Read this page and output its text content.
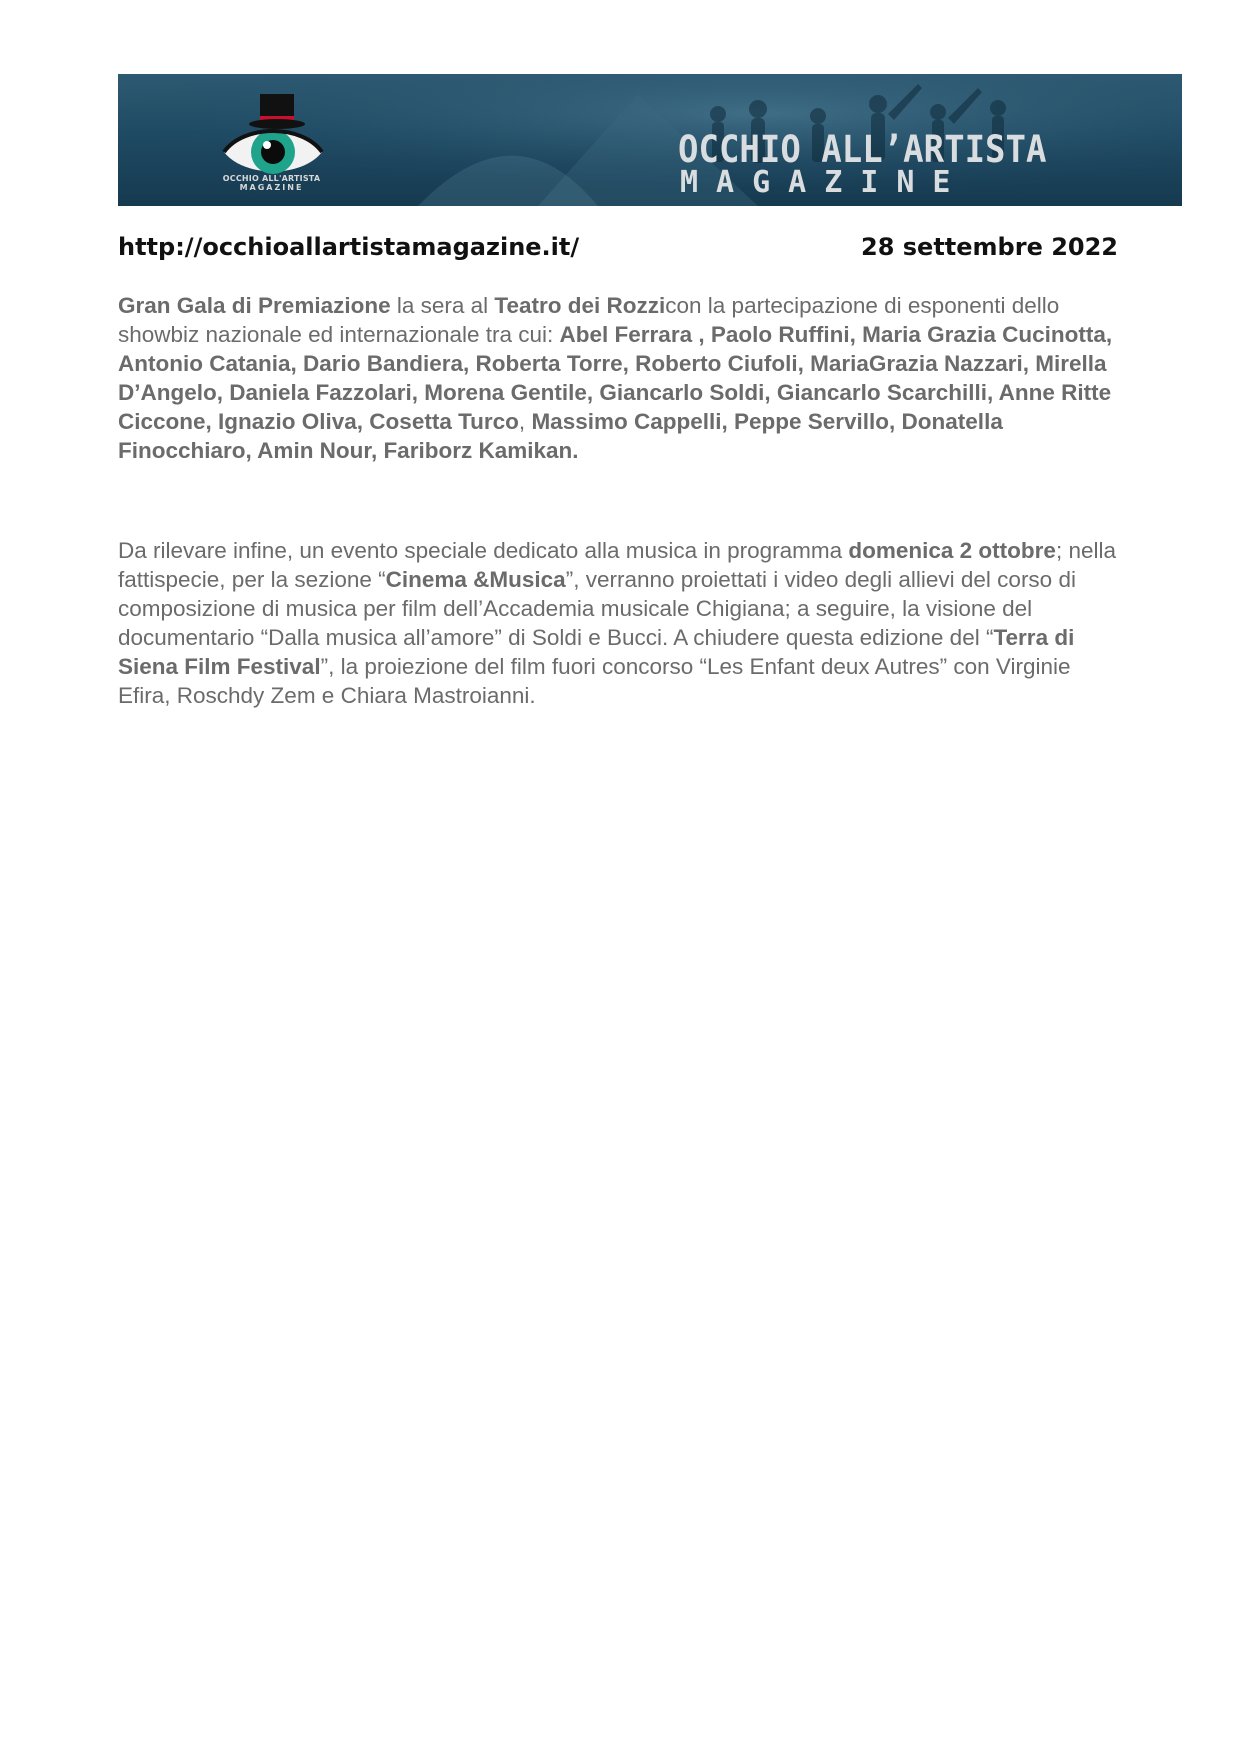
OCCHIO ALL'ARTISTA
MAGAZINE
OCCHIO ALL’ARTISTA
MAGAZINE
http://occhioallartistamagazine.it/	28 settembre 2022
Gran Gala di Premiazione la sera al Teatro dei Rozzicon la partecipazione di esponenti dello showbiz nazionale ed internazionale tra cui: Abel Ferrara , Paolo Ruffini, Maria Grazia Cucinotta, Antonio Catania, Dario Bandiera, Roberta Torre, Roberto Ciufoli, MariaGrazia Nazzari, Mirella D’Angelo, Daniela Fazzolari, Morena Gentile, Giancarlo Soldi, Giancarlo Scarchilli, Anne Ritte Ciccone, Ignazio Oliva, Cosetta Turco, Massimo Cappelli, Peppe Servillo, Donatella Finocchiaro, Amin Nour, Fariborz Kamikan.
Da rilevare infine, un evento speciale dedicato alla musica in programma domenica 2 ottobre; nella fattispecie, per la sezione “Cinema &Musica”, verranno proiettati i video degli allievi del corso di composizione di musica per film dell’Accademia musicale Chigiana; a seguire, la visione del documentario “Dalla musica all’amore” di Soldi e Bucci. A chiudere questa edizione del “Terra di Siena Film Festival”, la proiezione del film fuori concorso “Les Enfant deux Autres” con Virginie Efira, Roschdy Zem e Chiara Mastroianni.
